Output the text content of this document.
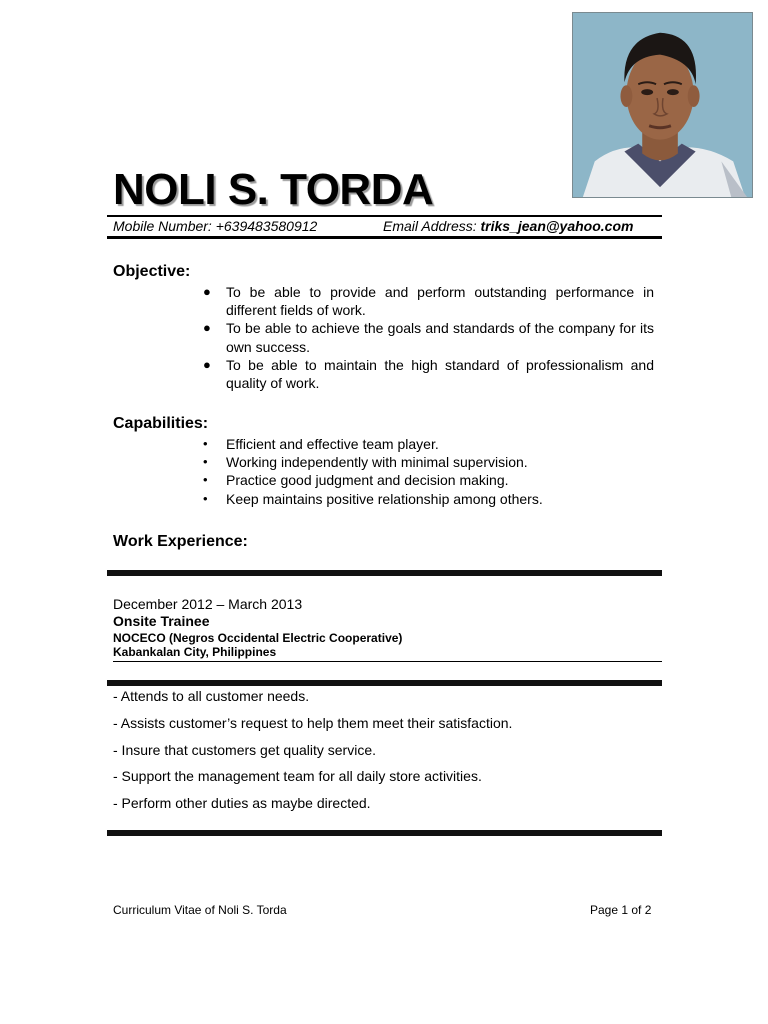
NOLI S. TORDA
Mobile Number: +639483580912	Email Address: triks_jean@yahoo.com
Objective:
● To be able to provide and perform outstanding performance in different fields of work.
● To be able to achieve the goals and standards of the company for its own success.
● To be able to maintain the high standard of professionalism and quality of work.
Capabilities:
• Efficient and effective team player.
• Working independently with minimal supervision.
• Practice good judgment and decision making.
• Keep maintains positive relationship among others.
Work Experience:
December 2012 – March 2013
Onsite Trainee
NOCECO (Negros Occidental Electric Cooperative)
Kabankalan City, Philippines
- Attends to all customer needs.
- Assists customer’s request to help them meet their satisfaction.
- Insure that customers get quality service.
- Support the management team for all daily store activities.
- Perform other duties as maybe directed.
Curriculum Vitae of Noli S. Torda	Page 1 of 2
